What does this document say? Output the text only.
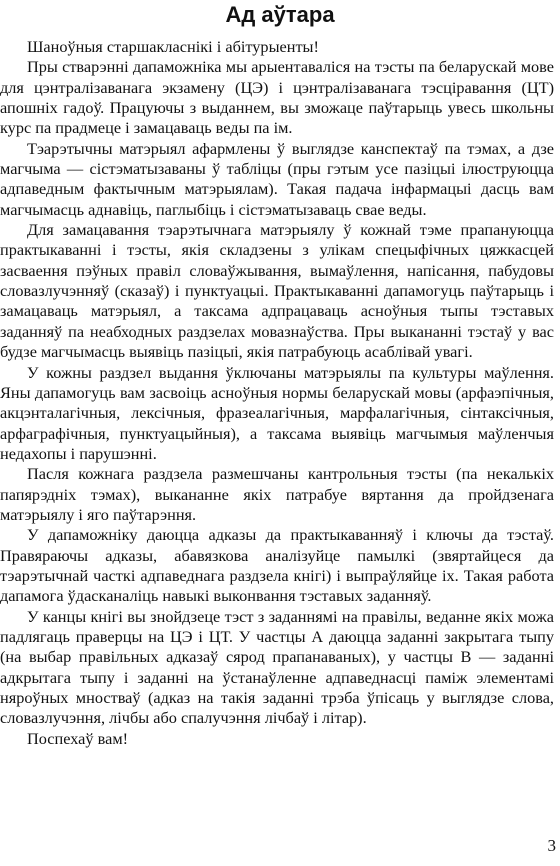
Ад аўтара

Шаноўныя старшакласнікі і абітурыенты!

Пры стварэнні дапаможніка мы арыентаваліся на тэсты па беларускай мове для цэнтралізаванага экзамену (ЦЭ) і цэнтралізаванага тэсціравання (ЦТ) апошніх гадоў. Працуючы з выданнем, вы зможаце паўтарыць увесь школьны курс па прадмеце і замацаваць веды па ім.

Тэарэтычны матэрыял афармлены ў выглядзе канспектаў па тэмах, а дзе магчыма — сістэматызаваны ў табліцы (пры гэтым усе пазіцыі ілюструюцца адпаведным фактычным матэрыялам). Такая падача інфармацыі дасць вам магчымасць аднавіць, паглыбіць і сістэматызаваць свае веды.

Для замацавання тэарэтычнага матэрыялу ў кожнай тэме прапануюцца практыкаванні і тэсты, якія складзены з улікам спецыфічных цяжкасцей засваення пэўных правіл словаўжывання, вымаўлення, напісання, пабудовы словазлучэнняў (сказаў) і пунктуацыі. Практыкаванні дапамогуць паўтарыць і замацаваць матэрыял, а таксама адпрацаваць асноўныя тыпы тэставых заданняў па неабходных раздзелах мовазнаўства. Пры выкананні тэстаў у вас будзе магчымасць выявіць пазіцыі, якія патрабуюць асаблівай увагі.

У кожны раздзел выдання ўключаны матэрыялы па культуры маўлення. Яны дапамогуць вам засвоіць асноўныя нормы беларускай мовы (арфаэпічныя, акцэнталагічныя, лексічныя, фразеалагічныя, марфалагічныя, сінтаксічныя, арфаграфічныя, пунктуацыйныя), а таксама выявіць магчымыя маўленчыя недахопы і парушэнні.

Пасля кожнага раздзела размешчаны кантрольныя тэсты (па некалькіх папярэдніх тэмах), выкананне якіх патрабуе вяртання да пройдзенага матэрыялу і яго паўтарэння.

У дапаможніку даюцца адказы да практыкаванняў і ключы да тэстаў. Правяраючы адказы, абавязкова аналізуйце памылкі (звяртайцеся да тэарэтычнай часткі адпаведнага раздзела кнігі) і выпраўляйце іх. Такая работа дапамога ўдасканаліць навыкі выконвання тэставых заданняў.

У канцы кнігі вы знойдзеце тэст з заданнямі на правілы, веданне якіх можа падлягаць праверцы на ЦЭ і ЦТ. У частцы А даюцца заданні закрытага тыпу (на выбар правільных адказаў сярод прапанаваных), у частцы В — заданні адкрытага тыпу і заданні на ўстанаўленне адпаведнасці паміж элементамі няроўных мностваў (адказ на такія заданні трэба ўпісаць у выглядзе слова, словазлучэння, лічбы або спалучэння лічбаў і літар).

Поспехаў вам!

3
